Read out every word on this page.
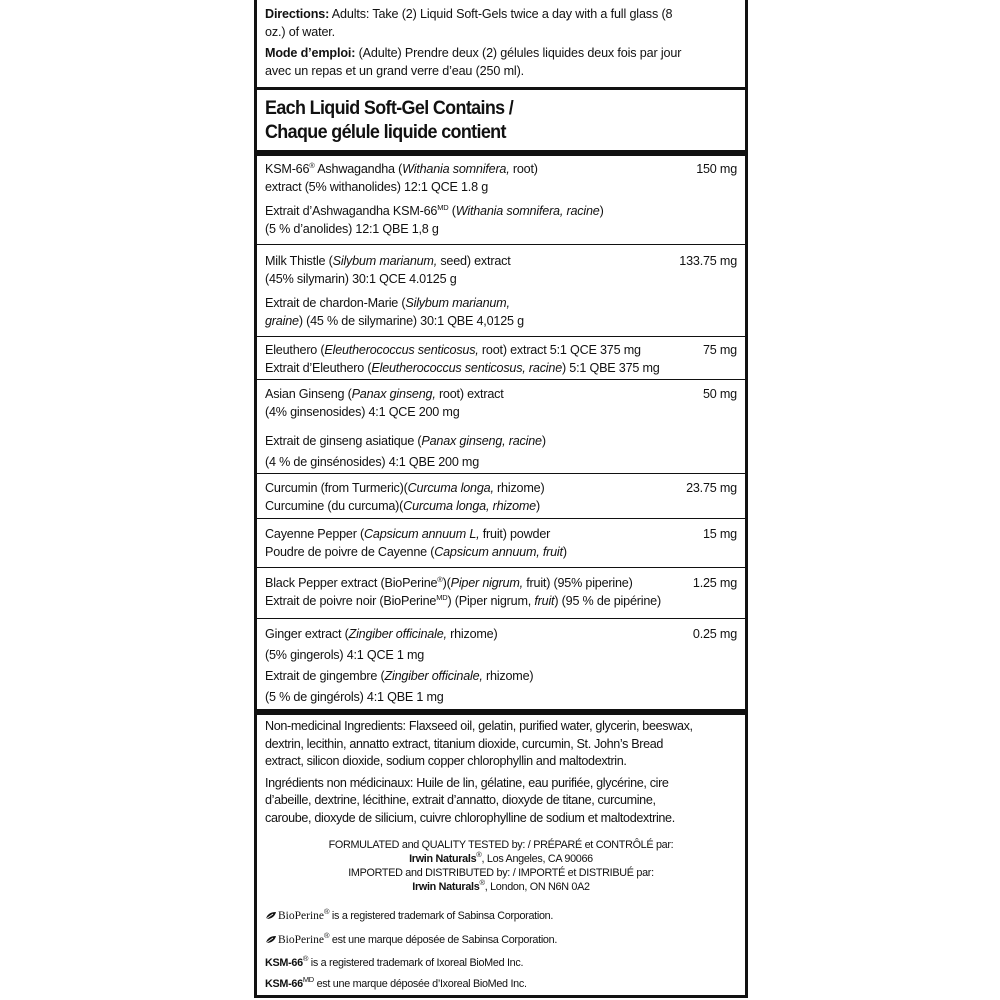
Directions: Adults: Take (2) Liquid Soft-Gels twice a day with a full glass (8
oz.) of water.

Mode d’emploi: (Adulte) Prendre deux (2) gélules liquides deux fois par jour
avec un repas et un grand verre d’eau (250 ml).

Each Liquid Soft-Gel Contains /
Chaque gélule liquide contient
KSM-66® Ashwagandha (Withania somnifera, root)	150 mg
extract (5% withanolides) 12:1 QCE 1.8 g
Extrait d’Ashwagandha KSM-$66^{MD}$ (Withania somnifera, racine)
(5 % d’anolides) 12:1 QBE 1,8 g
Milk Thistle (Silybum marianum, seed) extract	133.75 mg
(45% silymarin) 30:1 QCE 4.0125 g
Extrait de chardon-Marie (Silybum marianum,
graine) (45 % de silymarine) 30:1 QBE 4,0125 g
Eleuthero (Eleutherococcus senticosus, root) extract 5:1 QCE 375 mg	75 mg
Extrait d’Eleuthero (Eleutherococcus senticosus, racine) 5:1 QBE 375 mg
Asian Ginseng (Panax ginseng, root) extract	50 mg
(4% ginsenosides) 4:1 QCE 200 mg
Extrait de ginseng asiatique (Panax ginseng, racine)
(4 % de ginsénosides) 4:1 QBE 200 mg
Curcumin (from Turmeric)(Curcuma longa, rhizome)	23.75 mg
Curcumine (du curcuma)(Curcuma longa, rhizome)
Cayenne Pepper (Capsicum annuum L, fruit) powder	15 mg
Poudre de poivre de Cayenne (Capsicum annuum, fruit)
Black Pepper extract (BioPerine®)(Piper nigrum, fruit) (95% piperine)	1.25 mg
Extrait de poivre noir (BioPerine$^{MD}$) (Piper nigrum, fruit) (95 % de pipérine)
Ginger extract (Zingiber officinale, rhizome)	0.25 mg
(5% gingerols) 4:1 QCE 1 mg
Extrait de gingembre (Zingiber officinale, rhizome)
(5 % de gingérols) 4:1 QBE 1 mg

Non-medicinal Ingredients: Flaxseed oil, gelatin, purified water, glycerin, beeswax,
dextrin, lecithin, annatto extract, titanium dioxide, curcumin, St. John’s Bread
extract, silicon dioxide, sodium copper chlorophyllin and maltodextrin.

Ingrédients non médicinaux: Huile de lin, gélatine, eau purifiée, glycérine, cire
d’abeille, dextrine, lécithine, extrait d’annatto, dioxyde de titane, curcumine,
caroube, dioxyde de silicium, cuivre chlorophylline de sodium et maltodextrine.

FORMULATED and QUALITY TESTED by: / PRÉPARÉ et CONTRÔLÉ par:
Irwin Naturals®, Los Angeles, CA 90066
IMPORTED and DISTRIBUTED by: / IMPORTÉ et DISTRIBUÉ par:
Irwin Naturals®, London, ON N6N 0A2
BioPerine® is a registered trademark of Sabinsa Corporation.
BioPerine® est une marque déposée de Sabinsa Corporation.
KSM-66® is a registered trademark of Ixoreal BioMed Inc.
KSM-$66^{MD}$ est une marque déposée d’Ixoreal BioMed Inc.
